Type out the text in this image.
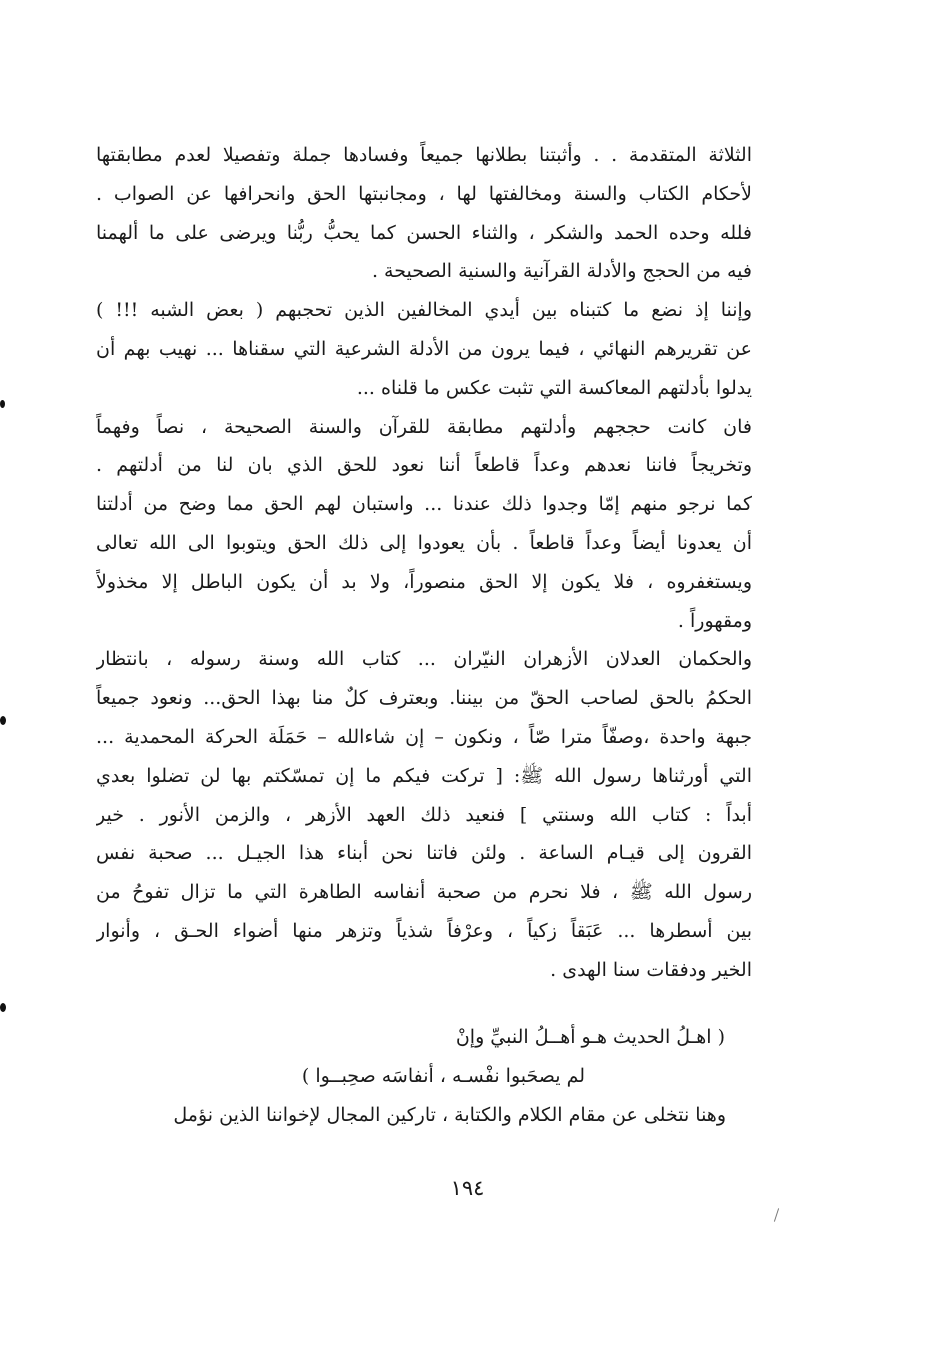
الثلاثة المتقدمة . . وأثبتنا بطلانها جميعاً وفسادها جملة وتفصيلا لعدم مطابقتها
لأحكام الكتاب والسنة ومخالفتها لها ، ومجانبتها الحق وانحرافها عن الصواب .
فلله وحده الحمد والشكر ، والثناء الحسن كما يحبُّ ربُّنا ويرضى على ما ألهمنا
فيه من الحجج والأدلة القرآنية والسنية الصحيحة .
وإننا إذ نضع ما كتبناه بين أيدي المخالفين الذين تحجبهم ( بعض الشبه !!! )
عن تقريرهم النهائي ، فيما يرون من الأدلة الشرعية التي سقناها ... نهيب بهم أن
يدلوا بأدلتهم المعاكسة التي تثبت عكس ما قلناه ...
فان كانت حججهم وأدلتهم مطابقة للقرآن والسنة الصحيحة ، نصاً وفهماً
وتخريجاً فاننا نعدهم وعداً قاطعاً أننا نعود للحق الذي بان لنا من أدلتهم .
كما نرجو منهم إمّا وجدوا ذلك عندنا ... واستبان لهم الحق مما وضح من أدلتنا
أن يعدونا أيضاً وعداً قاطعاً . بأن يعودوا إلى ذلك الحق ويتوبوا الى الله تعالى
ويستغفروه ، فلا يكون إلا الحق منصوراً، ولا بد أن يكون الباطل إلا مخذولاً
ومقهوراً .
والحكمان العدلان الأزهران النيّران ... كتاب الله وسنة رسوله ، بانتظار
الحكمُ بالحق لصاحب الحقّ من بيننا. وبعترف كلٌ منا بهذا الحق... ونعود جميعاً
جبهة واحدة ،وصفّاً مترا صّاً ، ونكون – إن شاءالله – حَمَلَة الحركة المحمدية ...
التي أورثناها رسول الله ﷺ: [ تركت فيكم ما إن تمسّكتم بها لن تضلوا بعدي
أبداً : كتاب الله وسنتي ] فنعيد ذلك العهد الأزهر ، والزمن الأنور . خير
القرون إلى قيـام الساعة . ولئن فاتنا نحن أبناء هذا الجيـل ... صحبة نفس
رسول الله ﷺ ، فلا نحرم من صحبة أنفاسه الطاهرة التي ما تزال تفوحُ من
بين أسطرها ... عَبَقاً زكياً ، وعرْفاً شذياً وتزهر منها أضواء الحـق ، وأنوار
الخير ودفقات سنا الهدى .
( اهـلُ الحديث هـو أهــلُ النبيِّ وإنْ
لم يصحَبوا نفْسـه ، أنفاسَه صحِبــوا )
وهنا نتخلى عن مقام الكلام والكتابة ، تاركين المجال لإخواننا الذين نؤمل
١٩٤
